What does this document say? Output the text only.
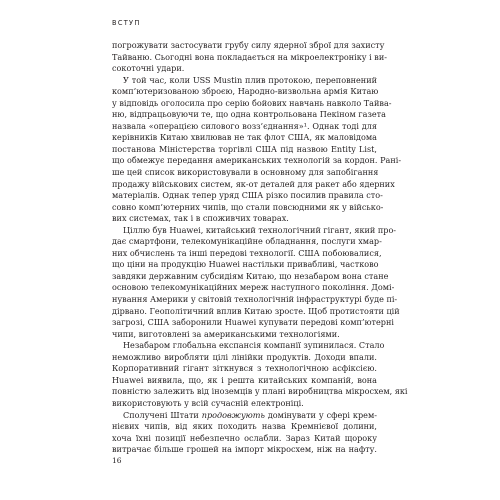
ВСТУП
погрожувати застосувати грубу силу ядерної зброї для захисту
Тайваню. Сьогодні вона покладається на мікроелектроніку і ви-
сокоточні удари.
У той час, коли USS Mustin плив протокою, переповнений
комп’ютеризованою зброєю, Народно-визвольна армія Китаю
у відповідь оголосила про серію бойових навчань навколо Тайва-
ню, відпрацьовуючи те, що одна контрольована Пекіном газета
назвала «операцією силового возз’єднання»¹. Однак тоді для
керівників Китаю хвилював не так флот США, як маловідома
постанова Міністерства торгівлі США під назвою Entity List,
що обмежує передання американських технологій за кордон. Рані-
ше цей список використовували в основному для запобігання
продажу військових систем, як-от деталей для ракет або ядерних
матеріалів. Однак тепер уряд США різко посилив правила сто-
совно комп’ютерних чипів, що стали повсюдними як у військо-
вих системах, так і в споживчих товарах.
Ціллю був Huawei, китайський технологічний гігант, який про-
дає смартфони, телекомунікаційне обладнання, послуги хмар-
них обчислень та інші передові технології. США побоювалися,
що ціни на продукцію Huawei настільки привабливі, частково
завдяки державним субсидіям Китаю, що незабаром вона стане
основою телекомунікаційних мереж наступного покоління. Домі-
нування Америки у світовій технологічній інфраструктурі буде пі-
дірвано. Геополітичний вплив Китаю зросте. Щоб протистояти цій
загрозі, США заборонили Huawei купувати передові комп’ютерні
чипи, виготовлені за американськими технологіями.
Незабаром глобальна експансія компанії зупинилася. Стало
неможливо виробляти цілі лінійки продуктів. Доходи впали.
Корпоративний гігант зіткнувся з технологічною асфіксією.
Huawei виявила, що, як і решта китайських компаній, вона
повністю залежить від іноземців у плані виробництва мікросхем, які
використовують у всій сучасній електроніці.
Сполучені Штати продовжують домінувати у сфері крем-
нієвих чипів, від яких походить назва Кремнієвої долини,
хоча їхні позиції небезпечно ослабли. Зараз Китай щороку
витрачає більше грошей на імпорт мікросхем, ніж на нафту.
16
